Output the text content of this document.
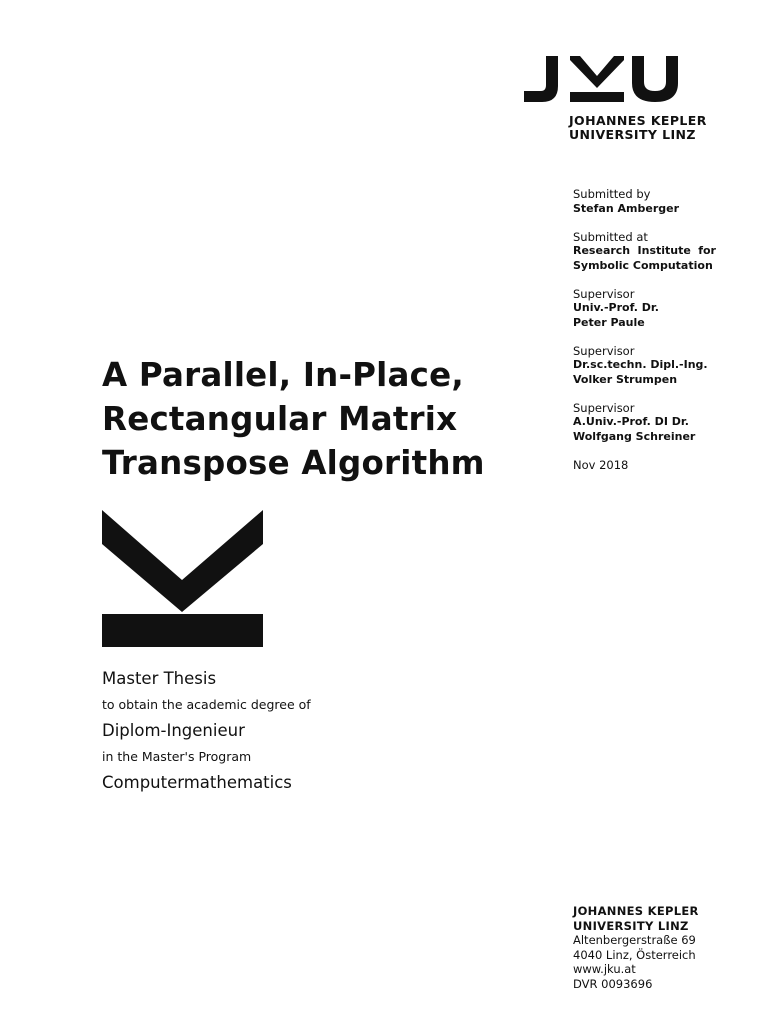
JOHANNES KEPLER
UNIVERSITY LINZ
Submitted by
Stefan Amberger
Submitted at
Research Institute for
Symbolic Computation
Supervisor
Univ.-Prof. Dr.
Peter Paule
Supervisor
Dr.sc.techn. Dipl.-Ing.
Volker Strumpen
Supervisor
A.Univ.-Prof. DI Dr.
Wolfgang Schreiner
Nov 2018
A Parallel, In-Place,
Rectangular Matrix
Transpose Algorithm
Master Thesis
to obtain the academic degree of
Diplom-Ingenieur
in the Master's Program
Computermathematics
JOHANNES KEPLER
UNIVERSITY LINZ
Altenbergerstraße 69
4040 Linz, Österreich
www.jku.at
DVR 0093696
